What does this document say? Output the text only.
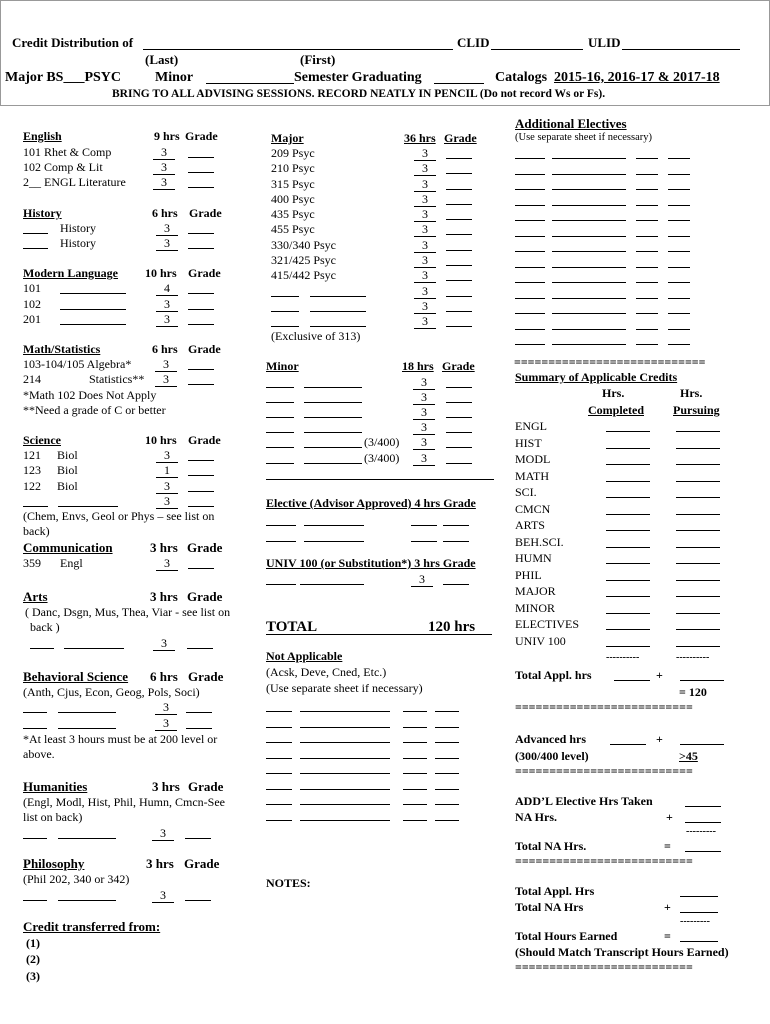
Credit Distribution of	CLID	ULID
(Last)	(First)
Major BS___PSYC Minor	Semester Graduating	Catalogs 2015-16, 2016-17 & 2017-18
BRING TO ALL ADVISING SESSIONS. RECORD NEATLY IN PENCIL (Do not record Ws or Fs).
English	9 hrs Grade
101 Rhet & Comp	3
102 Comp & Lit	3
2__ ENGL Literature	3
History	6 hrs Grade
History	3
History	3
Modern Language 10 hrs Grade
101	4
102	3
201	3
Math/Statistics	6 hrs Grade
103-104/105 Algebra*	3
214	Statistics**	3
*Math 102 Does Not Apply
**Need a grade of C or better
Science	10 hrs Grade
121 Biol	3
123 Biol	1
122 Biol	3
3
(Chem, Envs, Geol or Phys – see list on
back)
Communication	3 hrs Grade
359 Engl	3
Arts	3 hrs Grade
( Danc, Dsgn, Mus, Thea, Viar - see list on
back )
3
Behavioral Science 6 hrs Grade
(Anth, Cjus, Econ, Geog, Pols, Soci)
3
3
*At least 3 hours must be at 200 level or
above.
Humanities	3 hrs Grade
(Engl, Modl, Hist, Phil, Humn, Cmcn-See
list on back)
3
Philosophy	3 hrs Grade
(Phil 202, 340 or 342)
3
Credit transferred from:
(1)
(2)
(3)
Major	36 hrs Grade
209 Psyc	3
210 Psyc	3
315 Psyc	3
400 Psyc	3
435 Psyc	3
455 Psyc	3
330/340 Psyc	3
321/425 Psyc	3
415/442 Psyc	3
3
3
3
(Exclusive of 313)
Minor	18 hrs Grade
3
3
3
3
(3/400)	3
(3/400)	3
Elective (Advisor Approved) 4 hrs Grade
UNIV 100 (or Substitution*) 3 hrs Grade
3
TOTAL	120 hrs
Not Applicable
(Acsk, Deve, Cned, Etc.)
(Use separate sheet if necessary)
NOTES:
Additional Electives
(Use separate sheet if necessary)
============================
Summary of Applicable Credits
Hrs.	Hrs.
Completed Pursuing
ENGL
HIST
MODL
MATH
SCI.
CMCN
ARTS
BEH.SCI.
HUMN
PHIL
MAJOR
MINOR
ELECTIVES
UNIV 100
----------	----------
Total Appl. hrs	+
= 120
==========================
Advanced hrs	+
(300/400 level)	>45
==========================
ADD’L Elective Hrs Taken
NA Hrs.	+
---------
Total NA Hrs.	=
==========================
Total Appl. Hrs
Total NA Hrs	+
---------
Total Hours Earned	=
(Should Match Transcript Hours Earned)
==========================
